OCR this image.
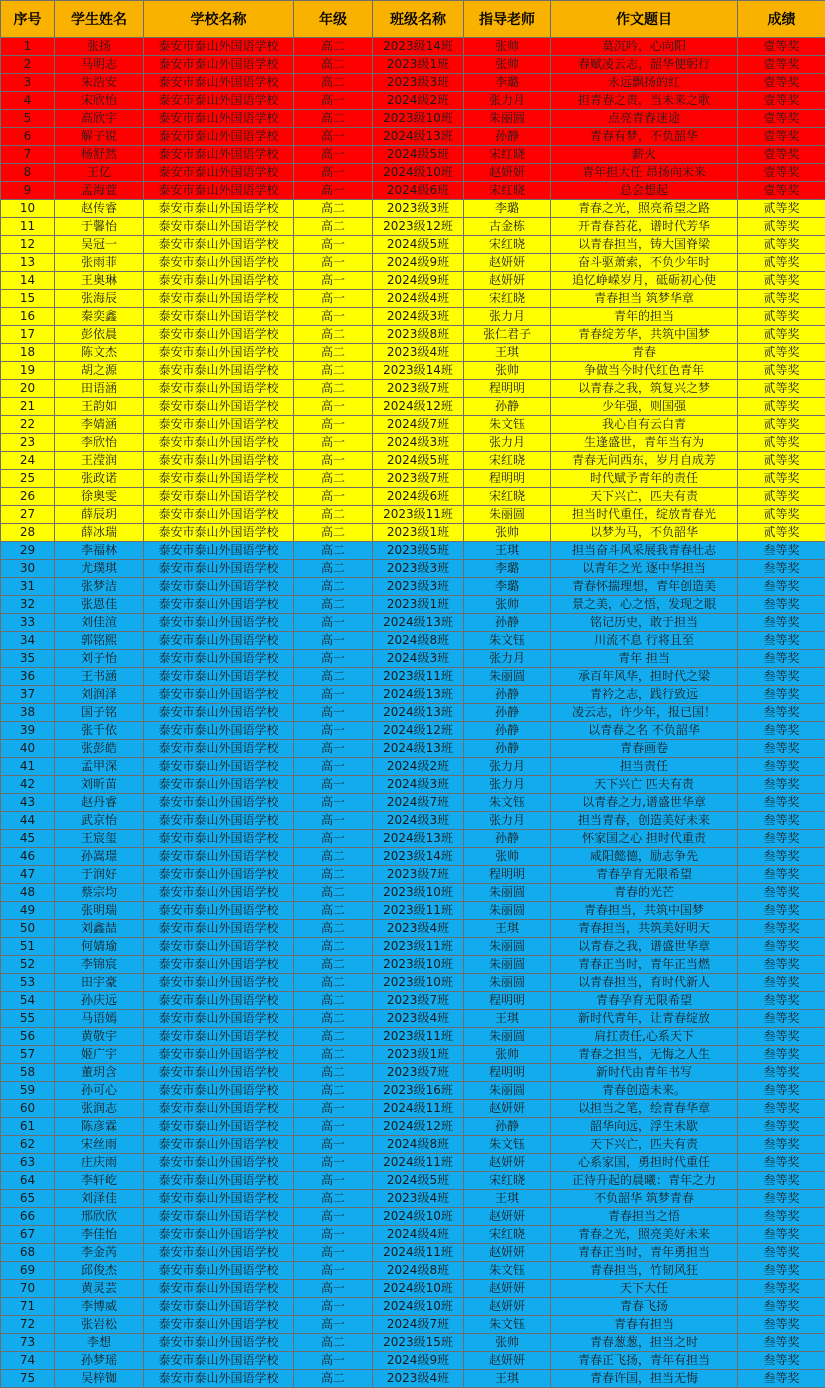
序号	学生姓名	学校名称	年级	班级名称	指导老师	作文题目	成绩
1	张扬	泰安市泰山外国语学校	高二	2023级14班	张帅	莫沉吟，心向阳	壹等奖
2	马明志	泰安市泰山外国语学校	高二	2023级1班	张帅	春赋凌云志，韶华便躬行	壹等奖
3	朱浩安	泰安市泰山外国语学校	高二	2023级3班	李璐	永远飘扬的红	壹等奖
4	宋欣怡	泰安市泰山外国语学校	高一	2024级2班	张力月	担青春之责，当未来之歌	壹等奖
5	高欣宇	泰安市泰山外国语学校	高二	2023级10班	朱丽圆	点亮青春迷途	壹等奖
6	解子锐	泰安市泰山外国语学校	高一	2024级13班	孙静	青春有梦，不负韶华	壹等奖
7	杨舒然	泰安市泰山外国语学校	高一	2024级5班	宋红晓	薪火	壹等奖
8	王亿	泰安市泰山外国语学校	高一	2024级10班	赵妍妍	青年担大任 昂扬向未来	壹等奖
9	孟海萱	泰安市泰山外国语学校	高一	2024级6班	宋红晓	总会想起	壹等奖
10	赵传睿	泰安市泰山外国语学校	高二	2023级3班	李璐	青春之光，照亮希望之路	贰等奖
11	于馨怡	泰安市泰山外国语学校	高二	2023级12班	古金栋	开青春苔花，谱时代芳华	贰等奖
12	吴冠一	泰安市泰山外国语学校	高一	2024级5班	宋红晓	以青春担当，铸大国脊梁	贰等奖
13	张雨菲	泰安市泰山外国语学校	高一	2024级9班	赵妍妍	奋斗驱萧索，不负少年时	贰等奖
14	王奥琳	泰安市泰山外国语学校	高一	2024级9班	赵妍妍	追忆峥嵘岁月，砥砺初心使	贰等奖
15	张海辰	泰安市泰山外国语学校	高一	2024级4班	宋红晓	青春担当 筑梦华章	贰等奖
16	秦奕鑫	泰安市泰山外国语学校	高一	2024级3班	张力月	青年的担当	贰等奖
17	彭依晨	泰安市泰山外国语学校	高二	2023级8班	张仁君子	青春绽芳华，共筑中国梦	贰等奖
18	陈文杰	泰安市泰山外国语学校	高二	2023级4班	王琪	青春	贰等奖
19	胡之源	泰安市泰山外国语学校	高二	2023级14班	张帅	争做当今时代红色青年	贰等奖
20	田语涵	泰安市泰山外国语学校	高二	2023级7班	程明明	以青春之我，筑复兴之梦	贰等奖
21	王韵如	泰安市泰山外国语学校	高一	2024级12班	孙静	少年强，则国强	贰等奖
22	李婧涵	泰安市泰山外国语学校	高一	2024级7班	朱文钰	我心自有云白青	贰等奖
23	李欣怡	泰安市泰山外国语学校	高一	2024级3班	张力月	生逢盛世，青年当有为	贰等奖
24	王滢润	泰安市泰山外国语学校	高一	2024级5班	宋红晓	青春无问西东，岁月自成芳	贰等奖
25	张政诺	泰安市泰山外国语学校	高二	2023级7班	程明明	时代赋予青年的责任	贰等奖
26	徐奥雯	泰安市泰山外国语学校	高一	2024级6班	宋红晓	天下兴亡，匹夫有责	贰等奖
27	薛辰玥	泰安市泰山外国语学校	高二	2023级11班	朱丽圆	担当时代重任，绽放青春光	贰等奖
28	薛冰瑞	泰安市泰山外国语学校	高二	2023级1班	张帅	以梦为马，不负韶华	贰等奖
29	李福林	泰安市泰山外国语学校	高二	2023级5班	王琪	担当奋斗风采展我青春壮志	叁等奖
30	尤璞琪	泰安市泰山外国语学校	高二	2023级3班	李璐	以青年之光 逐中华担当	叁等奖
31	张梦洁	泰安市泰山外国语学校	高二	2023级3班	李璐	青春怀揣理想，青年创造美	叁等奖
32	张恩佳	泰安市泰山外国语学校	高二	2023级1班	张帅	景之美，心之悟，发现之眼	叁等奖
33	刘佳渲	泰安市泰山外国语学校	高一	2024级13班	孙静	铭记历史，敢于担当	叁等奖
34	郭铭熙	泰安市泰山外国语学校	高一	2024级8班	朱文钰	川流不息 行将且至	叁等奖
35	刘子怡	泰安市泰山外国语学校	高一	2024级3班	张力月	青年 担当	叁等奖
36	王书涵	泰安市泰山外国语学校	高二	2023级11班	朱丽圆	承百年风华，担时代之梁	叁等奖
37	刘润泽	泰安市泰山外国语学校	高一	2024级13班	孙静	青衿之志，践行致远	叁等奖
38	国子铭	泰安市泰山外国语学校	高一	2024级13班	孙静	凌云志，许少年，报已国！	叁等奖
39	张千依	泰安市泰山外国语学校	高一	2024级12班	孙静	以青春之名 不负韶华	叁等奖
40	张彭皓	泰安市泰山外国语学校	高一	2024级13班	孙静	青春画卷	叁等奖
41	孟甲深	泰安市泰山外国语学校	高一	2024级2班	张力月	担当责任	叁等奖
42	刘昕苗	泰安市泰山外国语学校	高一	2024级3班	张力月	天下兴亡 匹夫有责	叁等奖
43	赵丹睿	泰安市泰山外国语学校	高一	2024级7班	朱文钰	以青春之力,谱盛世华章	叁等奖
44	武京怡	泰安市泰山外国语学校	高一	2024级3班	张力月	担当青春，创造美好未来	叁等奖
45	王宸玺	泰安市泰山外国语学校	高一	2024级13班	孙静	怀家国之心 担时代重责	叁等奖
46	孙嵩璟	泰安市泰山外国语学校	高二	2023级14班	张帅	咸阳懿德，励志争先	叁等奖
47	于润好	泰安市泰山外国语学校	高二	2023级7班	程明明	青春孕育无限希望	叁等奖
48	蔡宗均	泰安市泰山外国语学校	高二	2023级10班	朱丽圆	青春的光芒	叁等奖
49	张明瑞	泰安市泰山外国语学校	高二	2023级11班	朱丽圆	青春担当，共筑中国梦	叁等奖
50	刘鑫喆	泰安市泰山外国语学校	高二	2023级4班	王琪	青春担当，共筑美好明天	叁等奖
51	何婧瑜	泰安市泰山外国语学校	高二	2023级11班	朱丽圆	以青春之我，谱盛世华章	叁等奖
52	李锦宸	泰安市泰山外国语学校	高二	2023级10班	朱丽圆	青春正当时，青年正当燃	叁等奖
53	田宇豪	泰安市泰山外国语学校	高二	2023级10班	朱丽圆	以青春担当，育时代新人	叁等奖
54	孙庆远	泰安市泰山外国语学校	高二	2023级7班	程明明	青春孕育无限希望	叁等奖
55	马语嫣	泰安市泰山外国语学校	高二	2023级4班	王琪	新时代青年，让青春绽放	叁等奖
56	黄敬宇	泰安市泰山外国语学校	高二	2023级11班	朱丽圆	肩扛责任,心系天下	叁等奖
57	姬广宇	泰安市泰山外国语学校	高二	2023级1班	张帅	青春之担当，无悔之人生	叁等奖
58	董玥含	泰安市泰山外国语学校	高二	2023级7班	程明明	新时代由青年书写	叁等奖
59	孙可心	泰安市泰山外国语学校	高二	2023级16班	朱丽圆	青春创造未来。	叁等奖
60	张润志	泰安市泰山外国语学校	高一	2024级11班	赵妍妍	以担当之笔，绘青春华章	叁等奖
61	陈彦霖	泰安市泰山外国语学校	高一	2024级12班	孙静	韶华向远，浮生未歇	叁等奖
62	宋丝雨	泰安市泰山外国语学校	高一	2024级8班	朱文钰	天下兴亡，匹夫有责	叁等奖
63	庄庆雨	泰安市泰山外国语学校	高一	2024级11班	赵妍妍	心系家国，勇担时代重任	叁等奖
64	李轩屹	泰安市泰山外国语学校	高一	2024级5班	宋红晓	正待升起的晨曦：青年之力	叁等奖
65	刘泽佳	泰安市泰山外国语学校	高二	2023级4班	王琪	不负韶华 筑梦青春	叁等奖
66	邢欣欣	泰安市泰山外国语学校	高一	2024级10班	赵妍妍	青春担当之悟	叁等奖
67	李佳怡	泰安市泰山外国语学校	高一	2024级4班	宋红晓	青春之光，照亮美好未来	叁等奖
68	李金芮	泰安市泰山外国语学校	高一	2024级11班	赵妍妍	青春正当时，青年勇担当	叁等奖
69	邱俊杰	泰安市泰山外国语学校	高一	2024级8班	朱文钰	青春担当，竹韧风狂	叁等奖
70	黄灵芸	泰安市泰山外国语学校	高一	2024级10班	赵妍妍	天下大任	叁等奖
71	李博威	泰安市泰山外国语学校	高一	2024级10班	赵妍妍	青春飞扬	叁等奖
72	张岩松	泰安市泰山外国语学校	高一	2024级7班	朱文钰	青春有担当	叁等奖
73	李想	泰安市泰山外国语学校	高二	2023级15班	张帅	青春葱葱，担当之时	叁等奖
74	孙梦瑶	泰安市泰山外国语学校	高一	2024级9班	赵妍妍	青春正飞扬，青年有担当	叁等奖
75	吴梓铷	泰安市泰山外国语学校	高二	2023级4班	王琪	青春许国，担当无悔	叁等奖
